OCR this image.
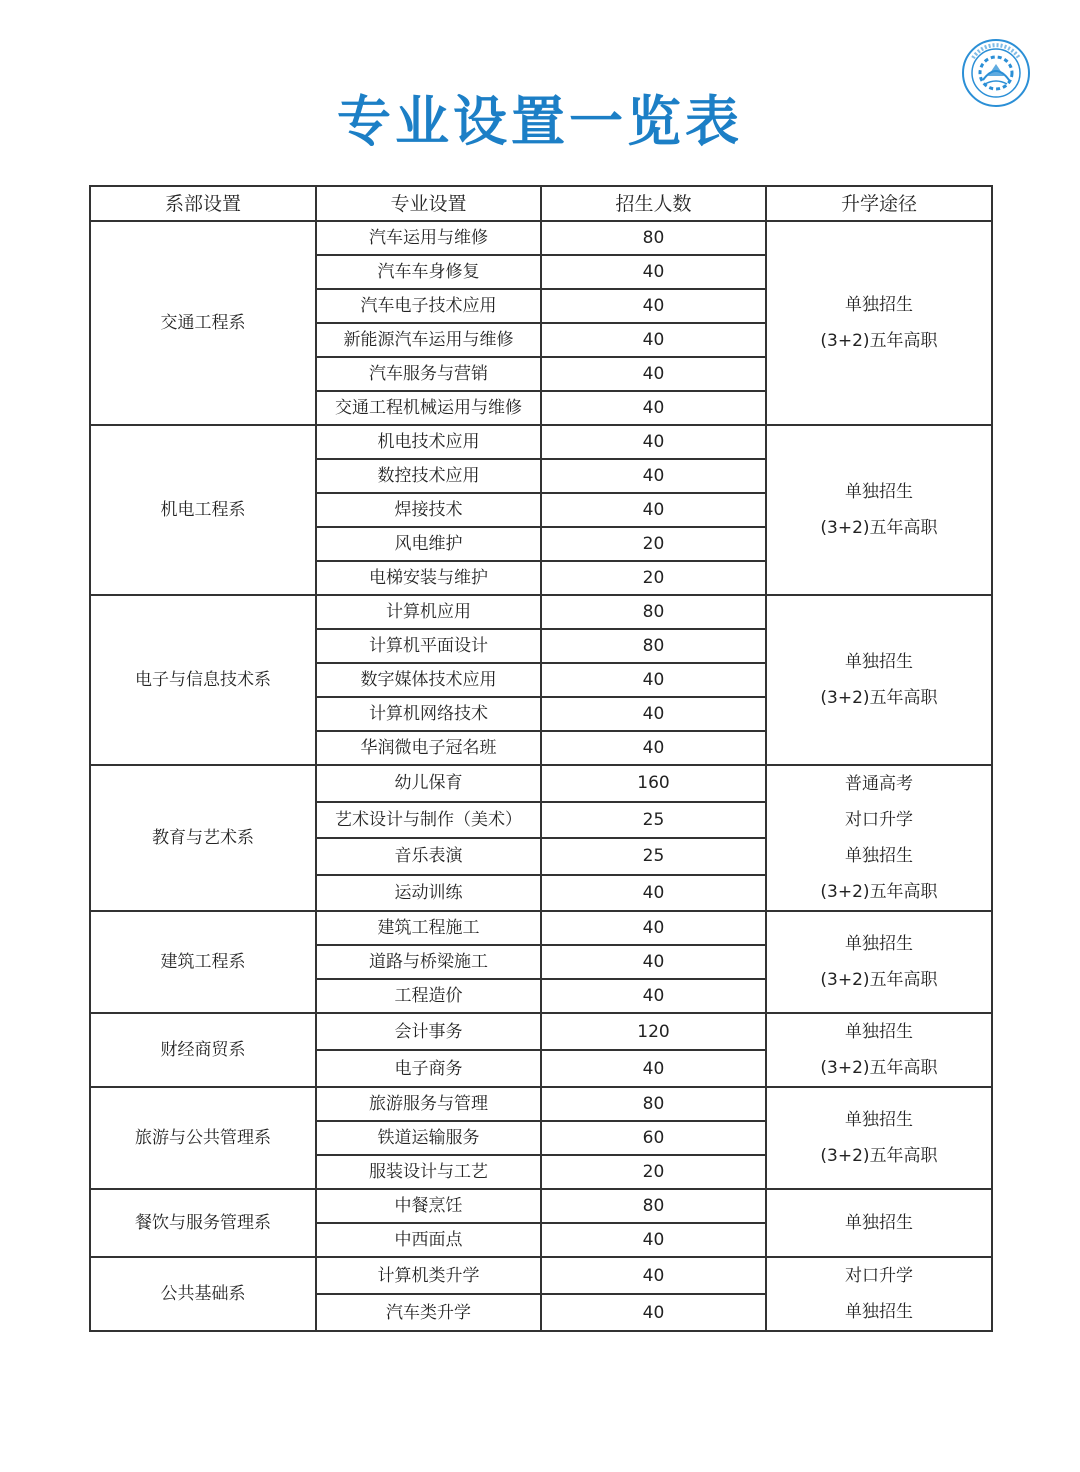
专业设置一览表
系部设置	专业设置	招生人数	升学途径
交通工程系	汽车运用与维修	80	单独招生
(3+2)五年高职

	汽车车身修复	40	
	汽车电子技术应用	40	
	新能源汽车运用与维修	40	
	汽车服务与营销	40	
	交通工程机械运用与维修	40	
机电工程系	机电技术应用	40	单独招生
(3+2)五年高职

	数控技术应用	40	
	焊接技术	40	
	风电维护	20	
	电梯安装与维护	20	
电子与信息技术系	计算机应用	80	单独招生
(3+2)五年高职

	计算机平面设计	80	
	数字媒体技术应用	40	
	计算机网络技术	40	
	华润微电子冠名班	40	
教育与艺术系	幼儿保育	160	普通高考
对口升学
单独招生
(3+2)五年高职

	艺术设计与制作（美术）	25	
	音乐表演	25	
	运动训练	40	
建筑工程系	建筑工程施工	40	单独招生
(3+2)五年高职

	道路与桥梁施工	40	
	工程造价	40	
财经商贸系	会计事务	120	单独招生
(3+2)五年高职

	电子商务	40	
旅游与公共管理系	旅游服务与管理	80	单独招生
(3+2)五年高职

	铁道运输服务	60	
	服装设计与工艺	20	
餐饮与服务管理系	中餐烹饪	80	单独招生

	中西面点	40	
公共基础系	计算机类升学	40	对口升学
单独招生

	汽车类升学	40	
